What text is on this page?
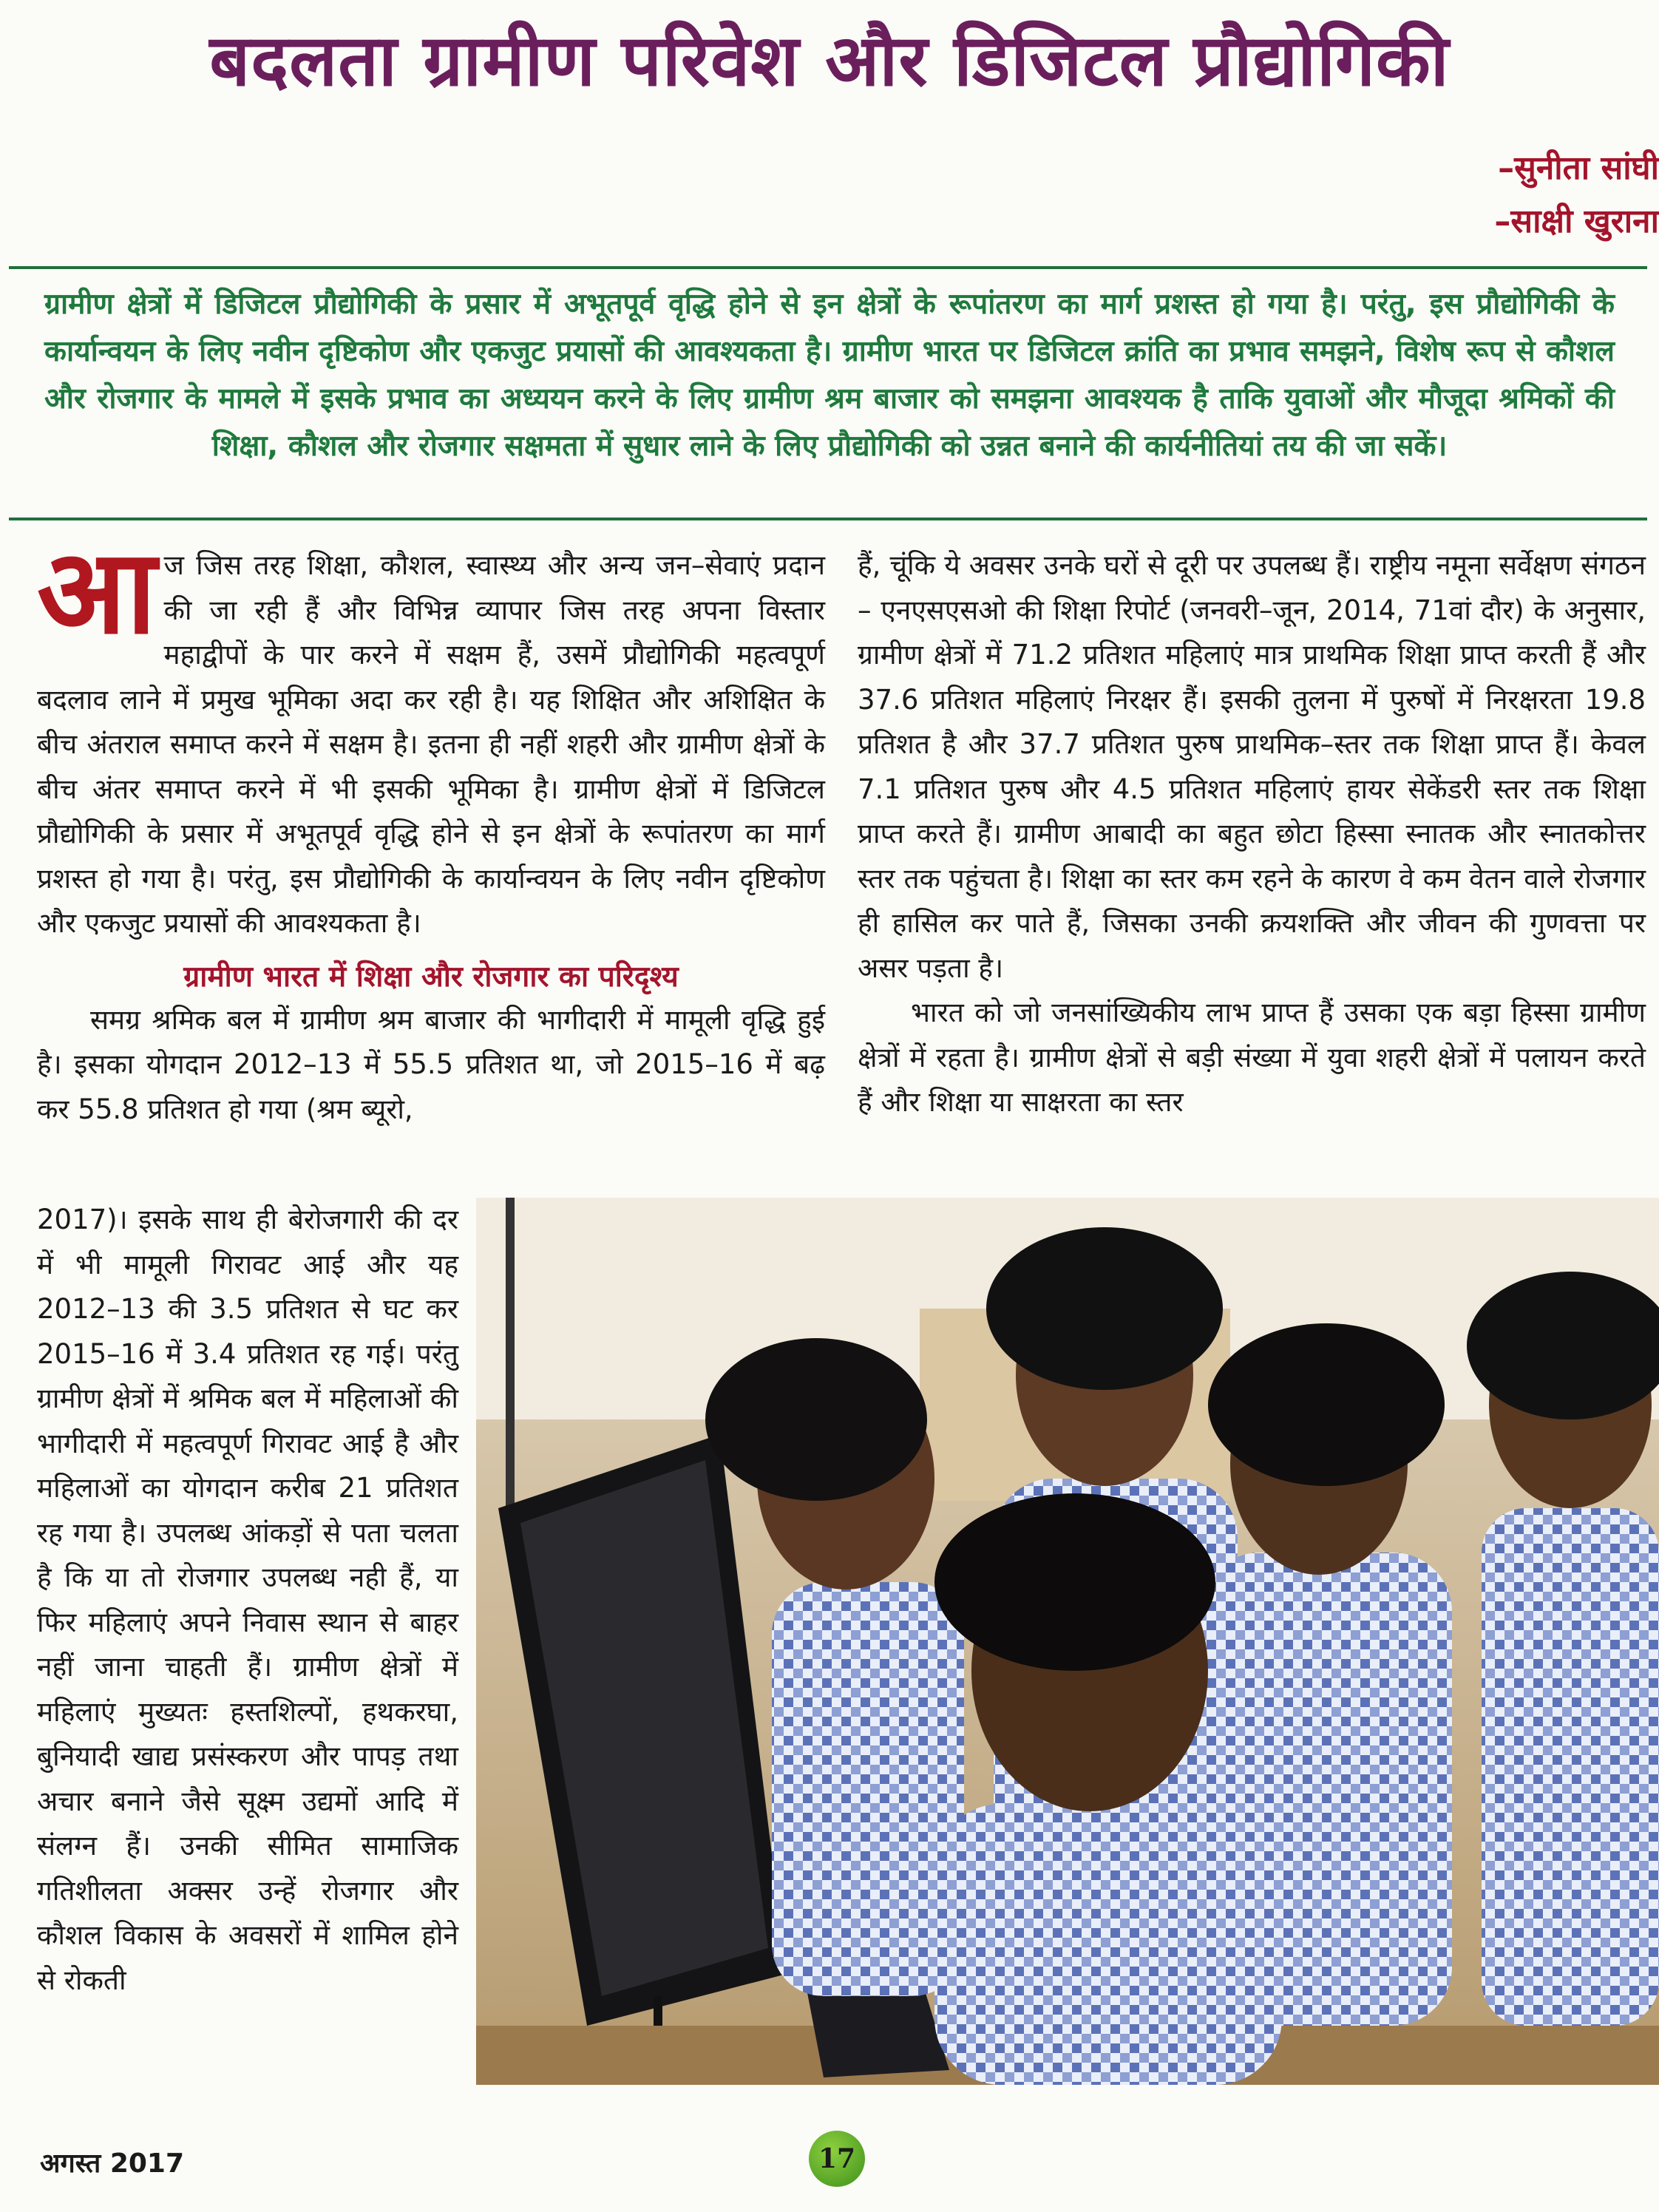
बदलता ग्रामीण परिवेश और डिजिटल प्रौद्योगिकी
–सुनीता सांघी
–साक्षी खुराना
ग्रामीण क्षेत्रों में डिजिटल प्रौद्योगिकी के प्रसार में अभूतपूर्व वृद्धि होने से इन क्षेत्रों के रूपांतरण का मार्ग प्रशस्त हो गया है। परंतु, इस प्रौद्योगिकी के कार्यान्वयन के लिए नवीन दृष्टिकोण और एकजुट प्रयासों की आवश्यकता है। ग्रामीण भारत पर डिजिटल क्रांति का प्रभाव समझने, विशेष रूप से कौशल और रोजगार के मामले में इसके प्रभाव का अध्ययन करने के लिए ग्रामीण श्रम बाजार को समझना आवश्यक है ताकि युवाओं और मौजूदा श्रमिकों की शिक्षा, कौशल और रोजगार सक्षमता में सुधार लाने के लिए प्रौद्योगिकी को उन्नत बनाने की कार्यनीतियां तय की जा सकें।

आज जिस तरह शिक्षा, कौशल, स्वास्थ्य और अन्य जन–सेवाएं प्रदान की जा रही हैं और विभिन्न व्यापार जिस तरह अपना विस्तार महाद्वीपों के पार करने में सक्षम हैं, उसमें प्रौद्योगिकी महत्वपूर्ण बदलाव लाने में प्रमुख भूमिका अदा कर रही है। यह शिक्षित और अशिक्षित के बीच अंतराल समाप्त करने में सक्षम है। इतना ही नहीं शहरी और ग्रामीण क्षेत्रों के बीच अंतर समाप्त करने में भी इसकी भूमिका है। ग्रामीण क्षेत्रों में डिजिटल प्रौद्योगिकी के प्रसार में अभूतपूर्व वृद्धि होने से इन क्षेत्रों के रूपांतरण का मार्ग प्रशस्त हो गया है। परंतु, इस प्रौद्योगिकी के कार्यान्वयन के लिए नवीन दृष्टिकोण और एकजुट प्रयासों की आवश्यकता है।

ग्रामीण भारत में शिक्षा और रोजगार का परिदृश्य

समग्र श्रमिक बल में ग्रामीण श्रम बाजार की भागीदारी में मामूली वृद्धि हुई है। इसका योगदान 2012–13 में 55.5 प्रतिशत था, जो 2015–16 में बढ़ कर 55.8 प्रतिशत हो गया (श्रम ब्यूरो,

2017)। इसके साथ ही बेरोजगारी की दर में भी मामूली गिरावट आई और यह 2012–13 की 3.5 प्रतिशत से घट कर 2015–16 में 3.4 प्रतिशत रह गई। परंतु ग्रामीण क्षेत्रों में श्रमिक बल में महिलाओं की भागीदारी में महत्वपूर्ण गिरावट आई है और महिलाओं का योगदान करीब 21 प्रतिशत रह गया है। उपलब्ध आंकड़ों से पता चलता है कि या तो रोजगार उपलब्ध नही हैं, या फिर महिलाएं अपने निवास स्थान से बाहर नहीं जाना चाहती हैं। ग्रामीण क्षेत्रों में महिलाएं मुख्यतः हस्तशिल्पों, हथकरघा, बुनियादी खाद्य प्रसंस्करण और पापड़ तथा अचार बनाने जैसे सूक्ष्म उद्यमों आदि में संलग्न हैं। उनकी सीमित सामाजिक गतिशीलता अक्सर उन्हें रोजगार और कौशल विकास के अवसरों में शामिल होने से रोकती

हैं, चूंकि ये अवसर उनके घरों से दूरी पर उपलब्ध हैं। राष्ट्रीय नमूना सर्वेक्षण संगठन – एनएसएसओ की शिक्षा रिपोर्ट (जनवरी–जून, 2014, 71वां दौर) के अनुसार, ग्रामीण क्षेत्रों में 71.2 प्रतिशत महिलाएं मात्र प्राथमिक शिक्षा प्राप्त करती हैं और 37.6 प्रतिशत महिलाएं निरक्षर हैं। इसकी तुलना में पुरुषों में निरक्षरता 19.8 प्रतिशत है और 37.7 प्रतिशत पुरुष प्राथमिक–स्तर तक शिक्षा प्राप्त हैं। केवल 7.1 प्रतिशत पुरुष और 4.5 प्रतिशत महिलाएं हायर सेकेंडरी स्तर तक शिक्षा प्राप्त करते हैं। ग्रामीण आबादी का बहुत छोटा हिस्सा स्नातक और स्नातकोत्तर स्तर तक पहुंचता है। शिक्षा का स्तर कम रहने के कारण वे कम वेतन वाले रोजगार ही हासिल कर पाते हैं, जिसका उनकी क्रयशक्ति और जीवन की गुणवत्ता पर असर पड़ता है।

भारत को जो जनसांख्यिकीय लाभ प्राप्त हैं उसका एक बड़ा हिस्सा ग्रामीण क्षेत्रों में रहता है। ग्रामीण क्षेत्रों से बड़ी संख्या में युवा शहरी क्षेत्रों में पलायन करते हैं और शिक्षा या साक्षरता का स्तर

अगस्त 2017	17
